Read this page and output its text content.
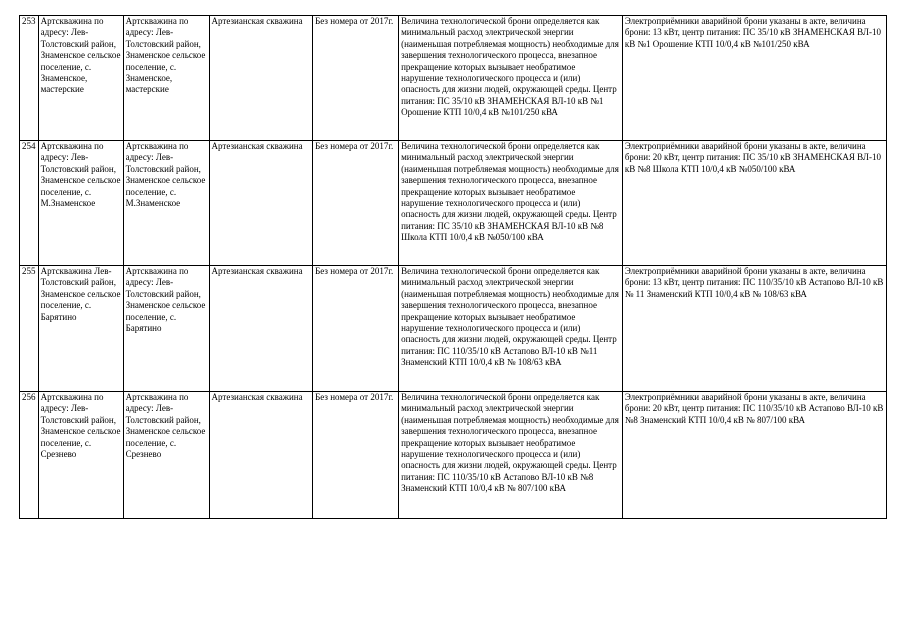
253	Артскважина по адресу: Лев-Толстовский район, Знаменское сельское поселение, с. Знаменское, мастерские	Артскважина по адресу: Лев-Толстовский район, Знаменское сельское поселение, с. Знаменское, мастерские	Артезианская скважина	Без номера от 2017г.	Величина технологической брони определяется как минимальный расход электрической энергии (наименьшая потребляемая мощность) необходимые для завершения технологического процесса, внезапное прекращение которых вызывает необратимое нарушение технологического процесса и (или) опасность для жизни людей, окружающей среды. Центр питания: ПС 35/10 кВ ЗНАМЕНСКАЯ ВЛ-10 кВ №1 Орошение КТП 10/0,4 кВ №101/250 кВА	Электроприёмники аварийной брони указаны в акте, величина брони: 13 кВт, центр питания: ПС 35/10 кВ ЗНАМЕНСКАЯ ВЛ-10 кВ №1 Орошение КТП 10/0,4 кВ №101/250 кВА

254	Артскважина по адресу: Лев-Толстовский район, Знаменское сельское поселение, с. М.Знаменское	Артскважина по адресу: Лев-Толстовский район, Знаменское сельское поселение, с. М.Знаменское	Артезианская скважина	Без номера от 2017г.	Величина технологической брони определяется как минимальный расход электрической энергии (наименьшая потребляемая мощность) необходимые для завершения технологического процесса, внезапное прекращение которых вызывает необратимое нарушение технологического процесса и (или) опасность для жизни людей, окружающей среды. Центр питания: ПС 35/10 кВ ЗНАМЕНСКАЯ ВЛ-10 кВ №8 Школа КТП 10/0,4 кВ №050/100 кВА	Электроприёмники аварийной брони указаны в акте, величина брони: 20 кВт, центр питания: ПС 35/10 кВ ЗНАМЕНСКАЯ ВЛ-10 кВ №8 Школа КТП 10/0,4 кВ №050/100 кВА

255	Артскважина Лев-Толстовский район, Знаменское сельское поселение, с. Барятино	Артскважина по адресу: Лев-Толстовский район, Знаменское сельское поселение, с. Барятино	Артезианская скважина	Без номера от 2017г.	Величина технологической брони определяется как минимальный расход электрической энергии (наименьшая потребляемая мощность) необходимые для завершения технологического процесса, внезапное прекращение которых вызывает необратимое нарушение технологического процесса и (или) опасность для жизни людей, окружающей среды. Центр питания: ПС 110/35/10 кВ Астапово ВЛ-10 кВ №11 Знаменский КТП 10/0,4 кВ № 108/63 кВА	Электроприёмники аварийной брони указаны в акте, величина брони: 13 кВт, центр питания: ПС 110/35/10 кВ Астапово ВЛ-10 кВ № 11 Знаменский КТП 10/0,4 кВ № 108/63 кВА

256	Артскважина по адресу: Лев-Толстовский район, Знаменское сельское поселение, с. Срезнево	Артскважина по адресу: Лев-Толстовский район, Знаменское сельское поселение, с. Срезнево	Артезианская скважина	Без номера от 2017г.	Величина технологической брони определяется как минимальный расход электрической энергии (наименьшая потребляемая мощность) необходимые для завершения технологического процесса, внезапное прекращение которых вызывает необратимое нарушение технологического процесса и (или) опасность для жизни людей, окружающей среды. Центр питания: ПС 110/35/10 кВ Астапово ВЛ-10 кВ №8 Знаменский КТП 10/0,4 кВ № 807/100 кВА	Электроприёмники аварийной брони указаны в акте, величина брони: 20 кВт, центр питания: ПС 110/35/10 кВ Астапово ВЛ-10 кВ №8 Знаменский КТП 10/0,4 кВ № 807/100 кВА
